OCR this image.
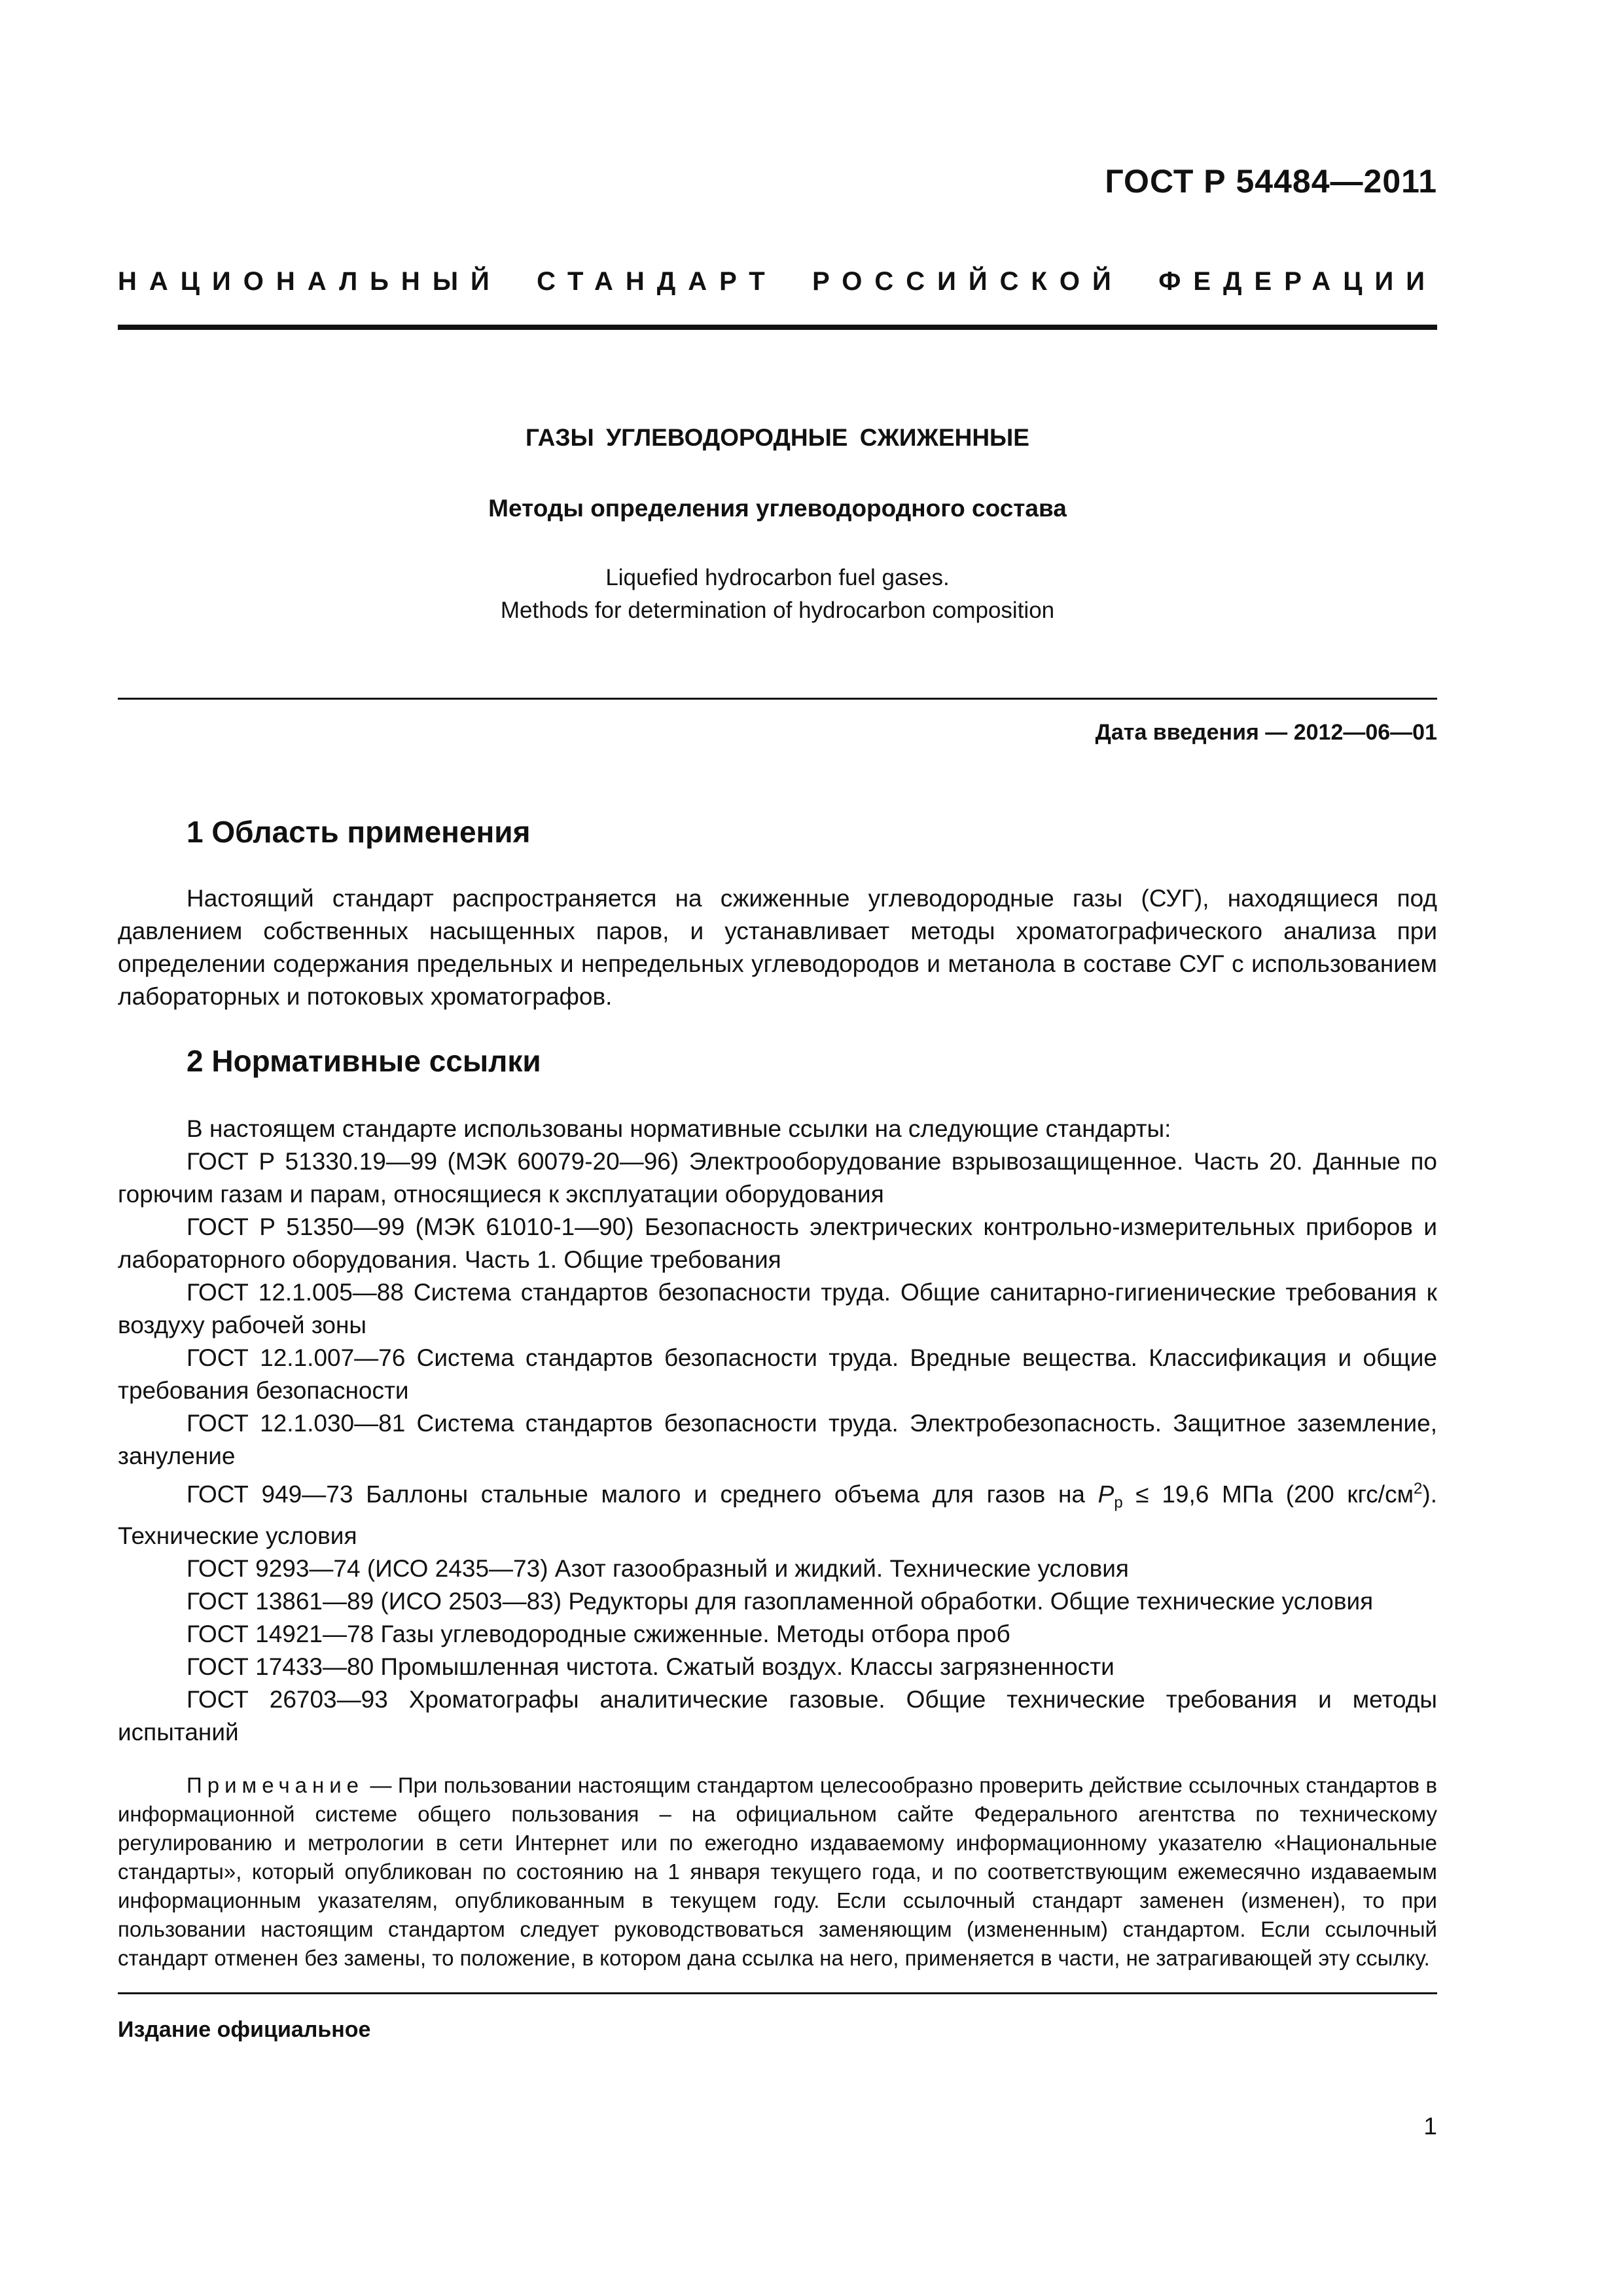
ГОСТ Р 54484—2011
НАЦИОНАЛЬНЫЙ СТАНДАРТ РОССИЙСКОЙ ФЕДЕРАЦИИ
ГАЗЫ УГЛЕВОДОРОДНЫЕ СЖИЖЕННЫЕ
Методы определения углеводородного состава
Liquefied hydrocarbon fuel gases.
Methods for determination of hydrocarbon composition
Дата введения — 2012—06—01
1 Область применения

Настоящий стандарт распространяется на сжиженные углеводородные газы (СУГ), находящиеся под давлением собственных насыщенных паров, и устанавливает методы хроматографического анализа при определении содержания предельных и непредельных углеводородов и метанола в составе СУГ с использованием лабораторных и потоковых хроматографов.

2 Нормативные ссылки

В настоящем стандарте использованы нормативные ссылки на следующие стандарты:

ГОСТ Р 51330.19—99 (МЭК 60079-20—96) Электрооборудование взрывозащищенное. Часть 20. Данные по горючим газам и парам, относящиеся к эксплуатации оборудования

ГОСТ Р 51350—99 (МЭК 61010-1—90) Безопасность электрических контрольно-измерительных приборов и лабораторного оборудования. Часть 1. Общие требования

ГОСТ 12.1.005—88 Система стандартов безопасности труда. Общие санитарно-гигиенические требования к воздуху рабочей зоны

ГОСТ 12.1.007—76 Система стандартов безопасности труда. Вредные вещества. Классификация и общие требования безопасности

ГОСТ 12.1.030—81 Система стандартов безопасности труда. Электробезопасность. Защитное заземление, зануление

ГОСТ 949—73 Баллоны стальные малого и среднего объема для газов на $P_р \le 19,6$ МПа (200 кгс/$см^2$). Технические условия

ГОСТ 9293—74 (ИСО 2435—73) Азот газообразный и жидкий. Технические условия

ГОСТ 13861—89 (ИСО 2503—83) Редукторы для газопламенной обработки. Общие технические условия

ГОСТ 14921—78 Газы углеводородные сжиженные. Методы отбора проб

ГОСТ 17433—80 Промышленная чистота. Сжатый воздух. Классы загрязненности

ГОСТ 26703—93 Хроматографы аналитические газовые. Общие технические требования и методы испытаний

Примечание — При пользовании настоящим стандартом целесообразно проверить действие ссылочных стандартов в информационной системе общего пользования – на официальном сайте Федерального агентства по техническому регулированию и метрологии в сети Интернет или по ежегодно издаваемому информационному указателю «Национальные стандарты», который опубликован по состоянию на 1 января текущего года, и по соответствующим ежемесячно издаваемым информационным указателям, опубликованным в текущем году. Если ссылочный стандарт заменен (изменен), то при пользовании настоящим стандартом следует руководствоваться заменяющим (измененным) стандартом. Если ссылочный стандарт отменен без замены, то положение, в котором дана ссылка на него, применяется в части, не затрагивающей эту ссылку.

Издание официальное
1
